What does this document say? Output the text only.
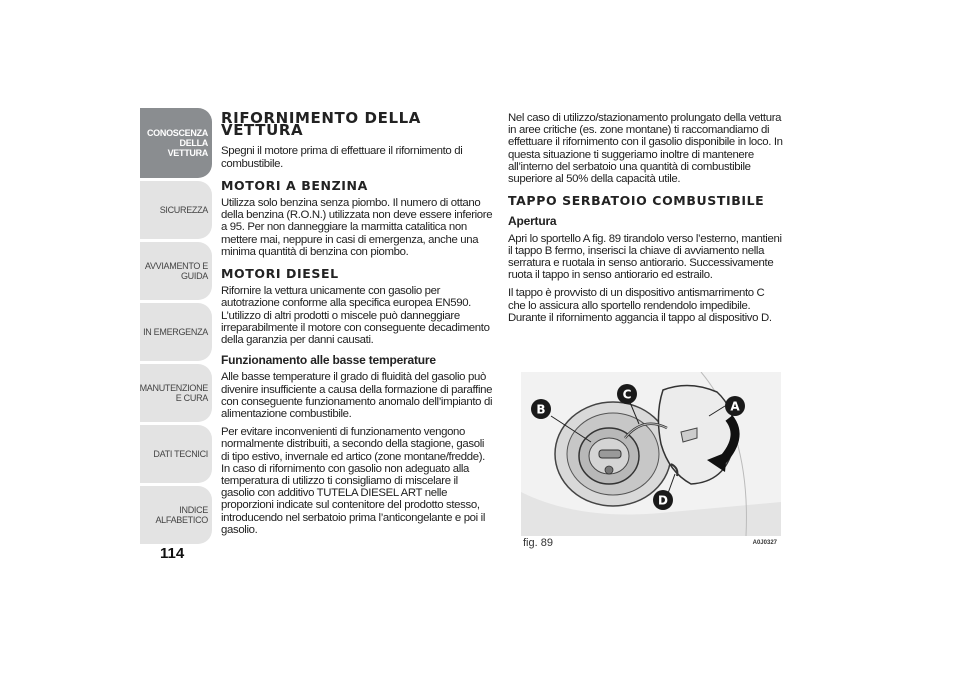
CONOSCENZA DELLA VETTURA
SICUREZZA
AVVIAMENTO E GUIDA
IN EMERGENZA
MANUTENZIONE E CURA
DATI TECNICI
INDICE ALFABETICO
114
RIFORNIMENTO DELLA VETTURA

Spegni il motore prima di effettuare il rifornimento di combustibile.

MOTORI A BENZINA

Utilizza solo benzina senza piombo. Il numero di ottano della benzina (R.O.N.) utilizzata non deve essere inferiore a 95. Per non danneggiare la marmitta catalitica non mettere mai, neppure in casi di emergenza, anche una minima quantità di benzina con piombo.

MOTORI DIESEL

Rifornire la vettura unicamente con gasolio per autotrazione conforme alla specifica europea EN590. L’utilizzo di altri prodotti o miscele può danneggiare irreparabilmente il motore con conseguente decadimento della garanzia per danni causati.

Funzionamento alle basse temperature

Alle basse temperature il grado di fluidità del gasolio può divenire insufficiente a causa della formazione di paraffine con conseguente funzionamento anomalo dell’impianto di alimentazione combustibile.

Per evitare inconvenienti di funzionamento vengono normalmente distribuiti, a secondo della stagione, gasoli di tipo estivo, invernale ed artico (zone montane/fredde). In caso di rifornimento con gasolio non adeguato alla temperatura di utilizzo ti consigliamo di miscelare il gasolio con additivo TUTELA DIESEL ART nelle proporzioni indicate sul contenitore del prodotto stesso, introducendo nel serbatoio prima l’anticongelante e poi il gasolio.

Nel caso di utilizzo/stazionamento prolungato della vettura in aree critiche (es. zone montane) ti raccomandiamo di effettuare il rifornimento con il gasolio disponibile in loco. In questa situazione ti suggeriamo inoltre di mantenere all’interno del serbatoio una quantità di combustibile superiore al 50% della capacità utile.

TAPPO SERBATOIO COMBUSTIBILE
Apertura

Apri lo sportello A fig. 89 tirandolo verso l’esterno, mantieni il tappo B fermo, inserisci la chiave di avviamento nella serratura e ruotala in senso antiorario. Successivamente ruota il tappo in senso antiorario ed estrailo.

Il tappo è provvisto di un dispositivo antismarrimento C che lo assicura allo sportello rendendolo impedibile. Durante il rifornimento aggancia il tappo al dispositivo D.

B
C
A
D
fig. 89	A0J0327
